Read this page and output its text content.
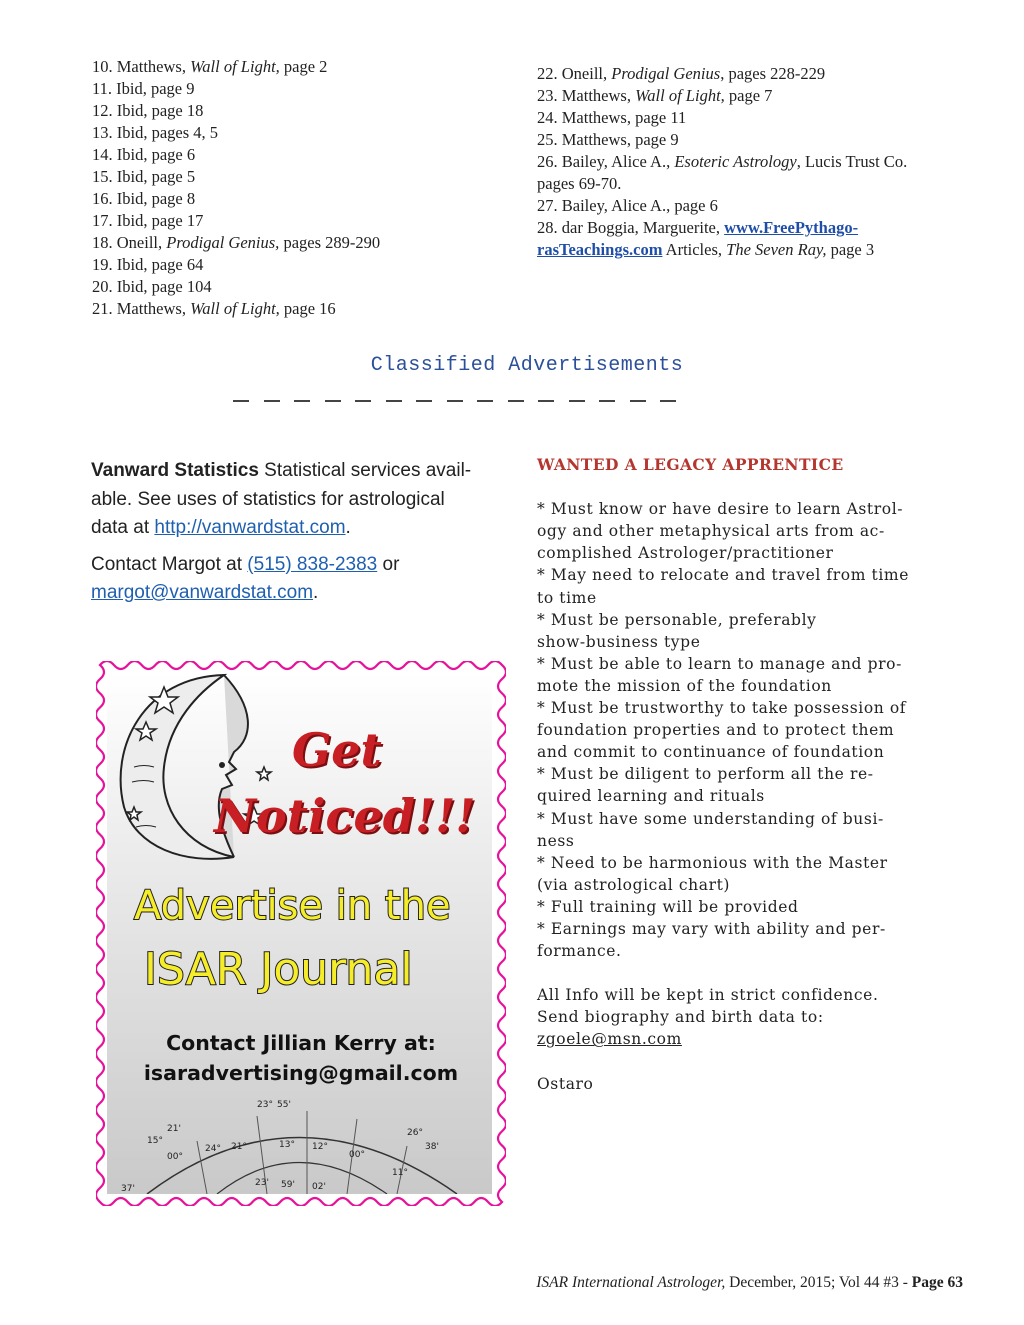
10. Matthews, Wall of Light, page 2
11. Ibid, page 9
12. Ibid, page 18
13. Ibid, pages 4, 5
14. Ibid, page 6
15. Ibid, page 5
16. Ibid, page 8
17. Ibid, page 17
18. Oneill, Prodigal Genius, pages 289-290
19. Ibid, page 64
20. Ibid, page 104
21. Matthews, Wall of Light, page 16
22. Oneill, Prodigal Genius, pages 228-229
23. Matthews, Wall of Light, page 7
24. Matthews, page 11
25. Matthews, page 9
26. Bailey, Alice A., Esoteric Astrology, Lucis Trust Co.
pages 69-70.
27. Bailey, Alice A., page 6
28. dar Boggia, Marguerite, www.FreePythago-
rasTeachings.com Articles, The Seven Ray, page 3
Classified Advertisements

Vanward Statistics Statistical services avail-
able. See uses of statistics for astrological
data at http://vanwardstat.com.

Contact Margot at (515) 838-2383 or
margot@vanwardstat.com.

WANTED A LEGACY APPRENTICE
* Must know or have desire to learn Astrol-
ogy and other metaphysical arts from ac-
complished Astrologer/practitioner
* May need to relocate and travel from time
to time
* Must be personable, preferably
show-business type
* Must be able to learn to manage and pro-
mote the mission of the foundation
* Must be trustworthy to take possession of
foundation properties and to protect them
and commit to continuance of foundation
* Must be diligent to perform all the re-
quired learning and rituals
* Must have some understanding of busi-
ness
* Need to be harmonious with the Master
(via astrological chart)
* Full training will be provided
* Earnings may vary with ability and per-
formance.
All Info will be kept in strict confidence.
Send biography and birth data to:
zgoele@msn.com
Ostaro
Get
Noticed!!!
Advertise in the
ISAR Journal
Contact Jillian Kerry at:
isaradvertising@gmail.com
23° 55'
21'
15°
26°
38'
00°
24° 21°	13° 12°
00°
11°
37'
23' 59' 02'
ISAR International Astrologer, December, 2015; Vol 44 #3 - Page 63
